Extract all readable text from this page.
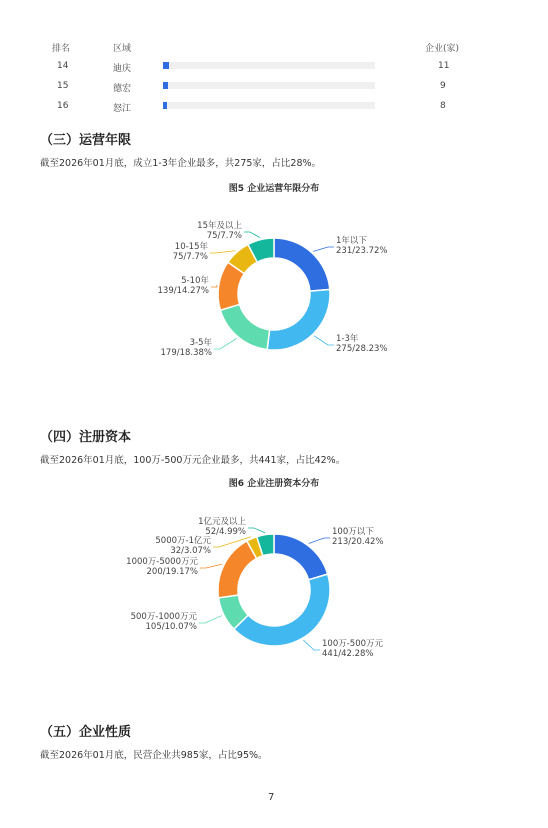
排名	区域	企业(家)
14	迪庆	11
15	德宏	9
16	怒江	8
（三）运营年限
截至2026年01月底，成立1-3年企业最多，共275家，占比28%。
图5 企业运营年限分布
1年以下
231/23.72%
1-3年
275/28.23%
3-5年
179/18.38%
5-10年
139/14.27%
10-15年
75/7.7%
15年及以上
75/7.7%
100万以下
213/20.42%
100万-500万元
441/42.28%
500万-1000万元
105/10.07%
1000万-5000万元
200/19.17%
5000万-1亿元
32/3.07%
1亿元及以上
52/4.99%
（四）注册资本
截至2026年01月底，100万-500万元企业最多，共441家，占比42%。
图6 企业注册资本分布
（五）企业性质
截至2026年01月底，民营企业共985家，占比95%。
7
